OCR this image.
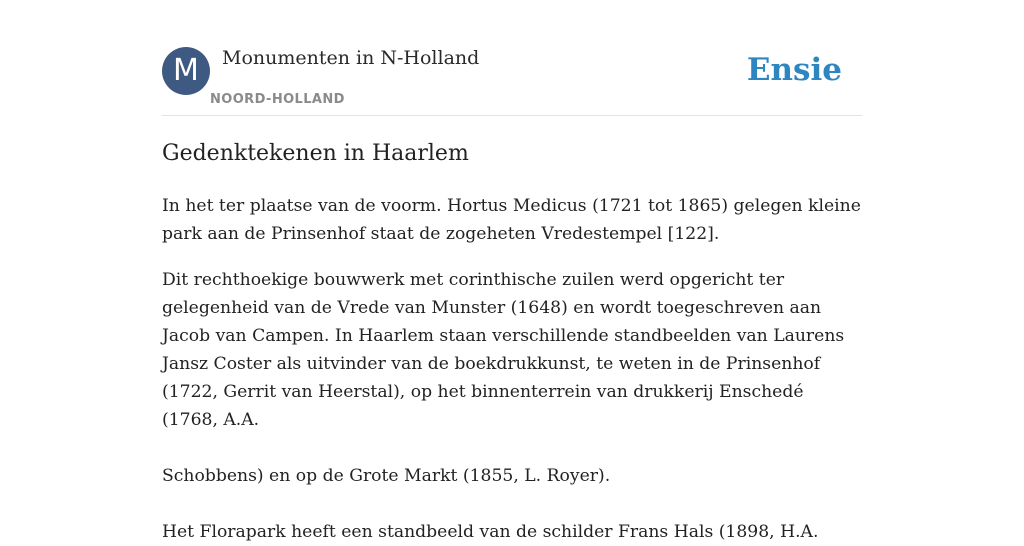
M	Monumenten in N-Holland
NOORD-HOLLAND
Ensie
Gedenktekenen in Haarlem

In het ter plaatse van de voorm. Hortus Medicus (1721 tot 1865) gelegen kleine park aan de Prinsenhof staat de zogeheten Vredestempel [122].

Dit rechthoekige bouwwerk met corinthische zuilen werd opgericht ter gelegenheid van de Vrede van Munster (1648) en wordt toegeschreven aan Jacob van Campen. In Haarlem staan verschillende standbeelden van Laurens Jansz Coster als uitvinder van de boekdrukkunst, te weten in de Prinsenhof (1722, Gerrit van Heerstal), op het binnenterrein van drukkerij Enschedé (1768, A.A.

Schobbens) en op de Grote Markt (1855, L. Royer).

Het Florapark heeft een standbeeld van de schilder Frans Hals (1898, H.A.
